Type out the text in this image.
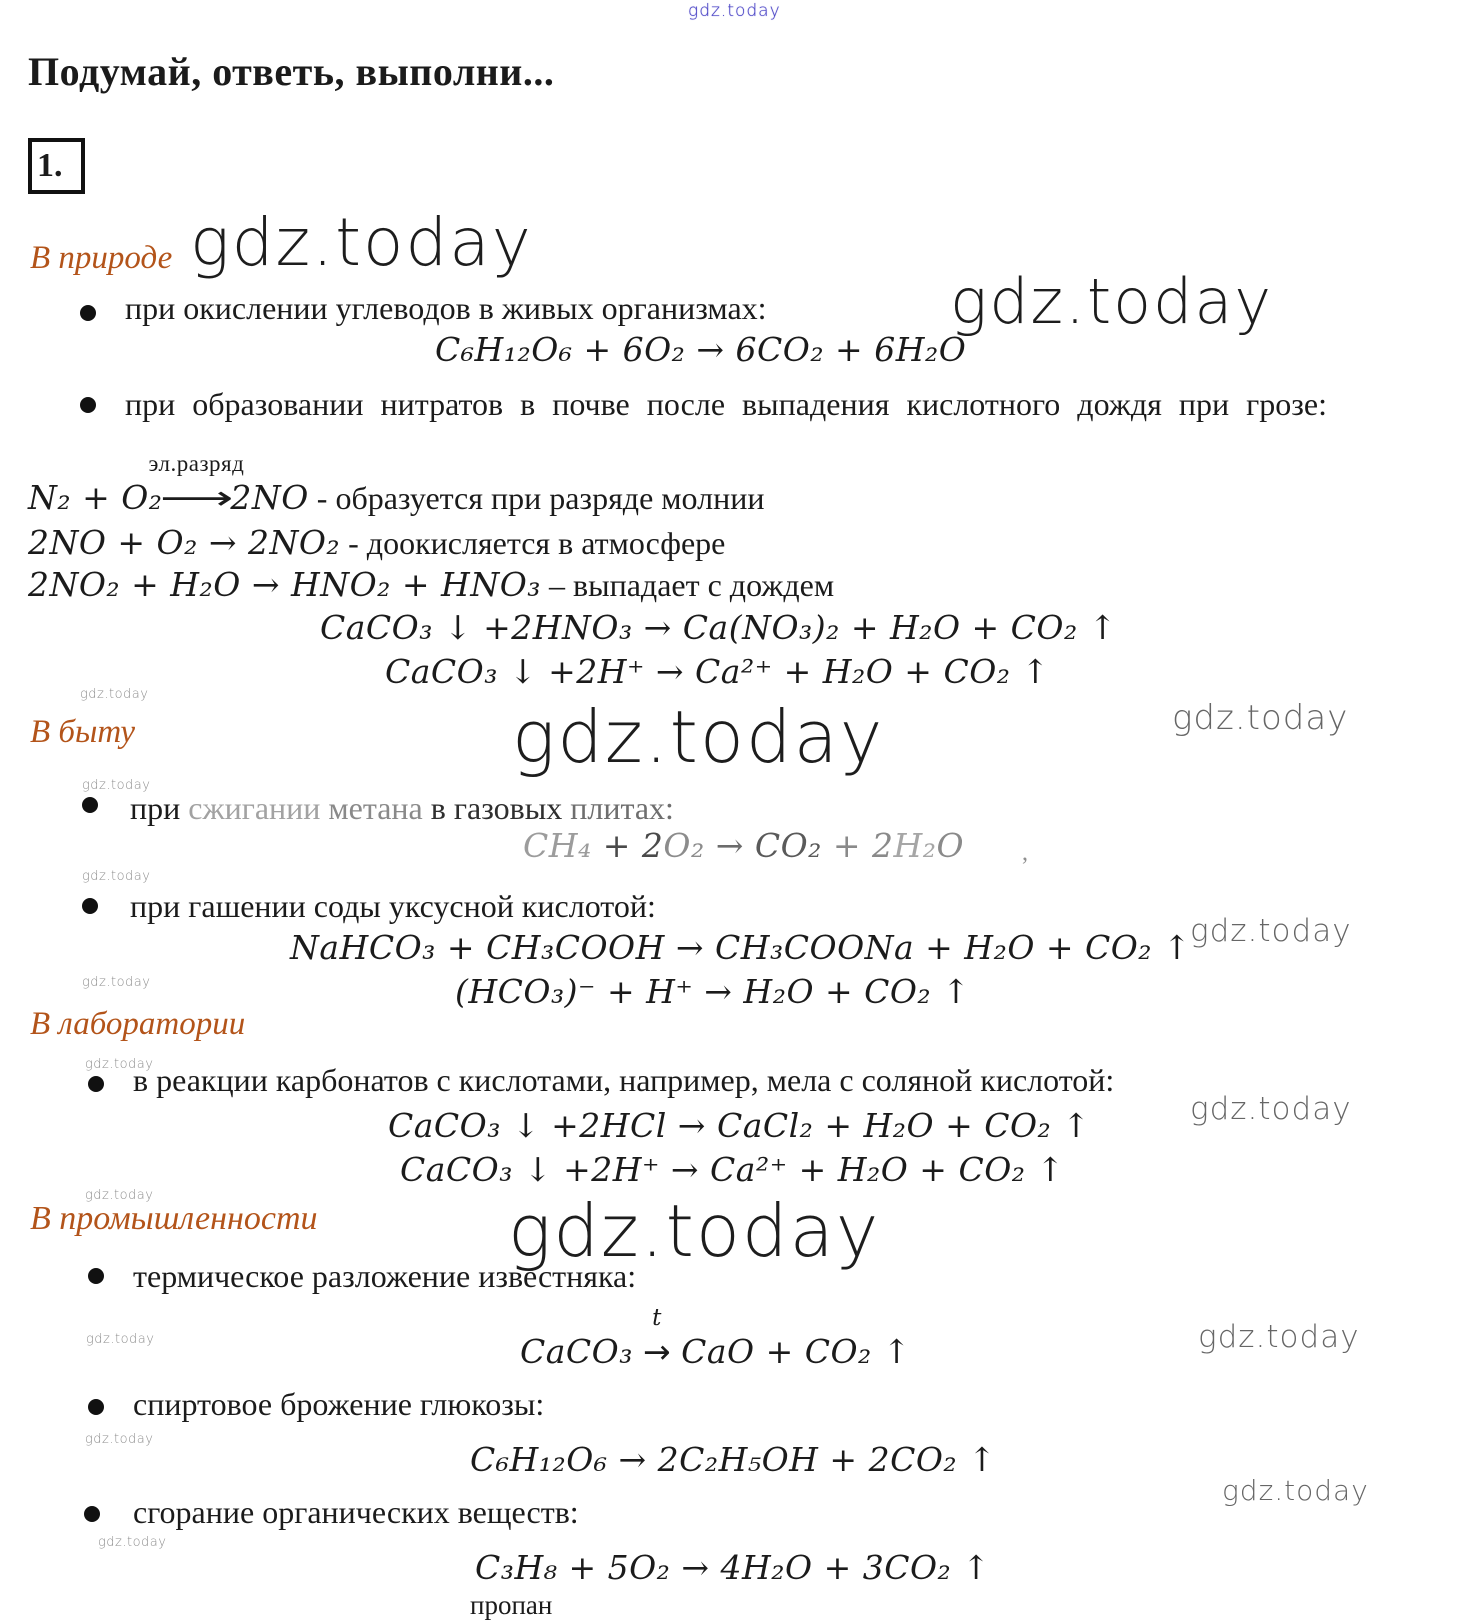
gdz.today
gdz.today
gdz.today
gdz.today
gdz.today
gdz.today
gdz.today
gdz.today
gdz.today
gdz.today
gdz.today
gdz.today
gdz.today
gdz.today
gdz.today
gdz.today
gdz.today
gdz.today
gdz.today
Подумай, ответь, выполни...
1.
В природе
при окислении углеводов в живых организмах:
C₆H₁₂O₆ + 6O₂ → 6CO₂ + 6H₂O
при образовании нитратов в почве после выпадения кислотного дождя при грозе:
N₂ + O₂
эл.разряд
⟶2NO - образуется при разряде молнии
2NO + O₂ → 2NO₂ - доокисляется в атмосфере
2NO₂ + H₂O → HNO₂ + HNO₃ – выпадает с дождем
CaCO₃ ↓ +2HNO₃ → Ca(NO₃)₂ + H₂O + CO₂ ↑
CaCO₃ ↓ +2H⁺ → Ca²⁺ + H₂O + CO₂ ↑
В быту
при сжигании метана в газовых плитах:
CH₄ + 2O₂ → CO₂ + 2H₂O ,
при гашении соды уксусной кислотой:
NaHCO₃ + CH₃COOH → CH₃COONa + H₂O + CO₂ ↑
(HCO₃)⁻ + H⁺ → H₂O + CO₂ ↑
В лаборатории
в реакции карбонатов с кислотами, например, мела с соляной кислотой:
CaCO₃ ↓ +2HCl → CaCl₂ + H₂O + CO₂ ↑
CaCO₃ ↓ +2H⁺ → Ca²⁺ + H₂O + CO₂ ↑
В промышленности
термическое разложение известняка:
CaCO₃
t
→ CaO + CO₂ ↑
спиртовое брожение глюкозы:
C₆H₁₂O₆ → 2C₂H₅OH + 2CO₂ ↑
сгорание органических веществ:
C₃H₈ + 5O₂ → 4H₂O + 3CO₂ ↑
пропан
